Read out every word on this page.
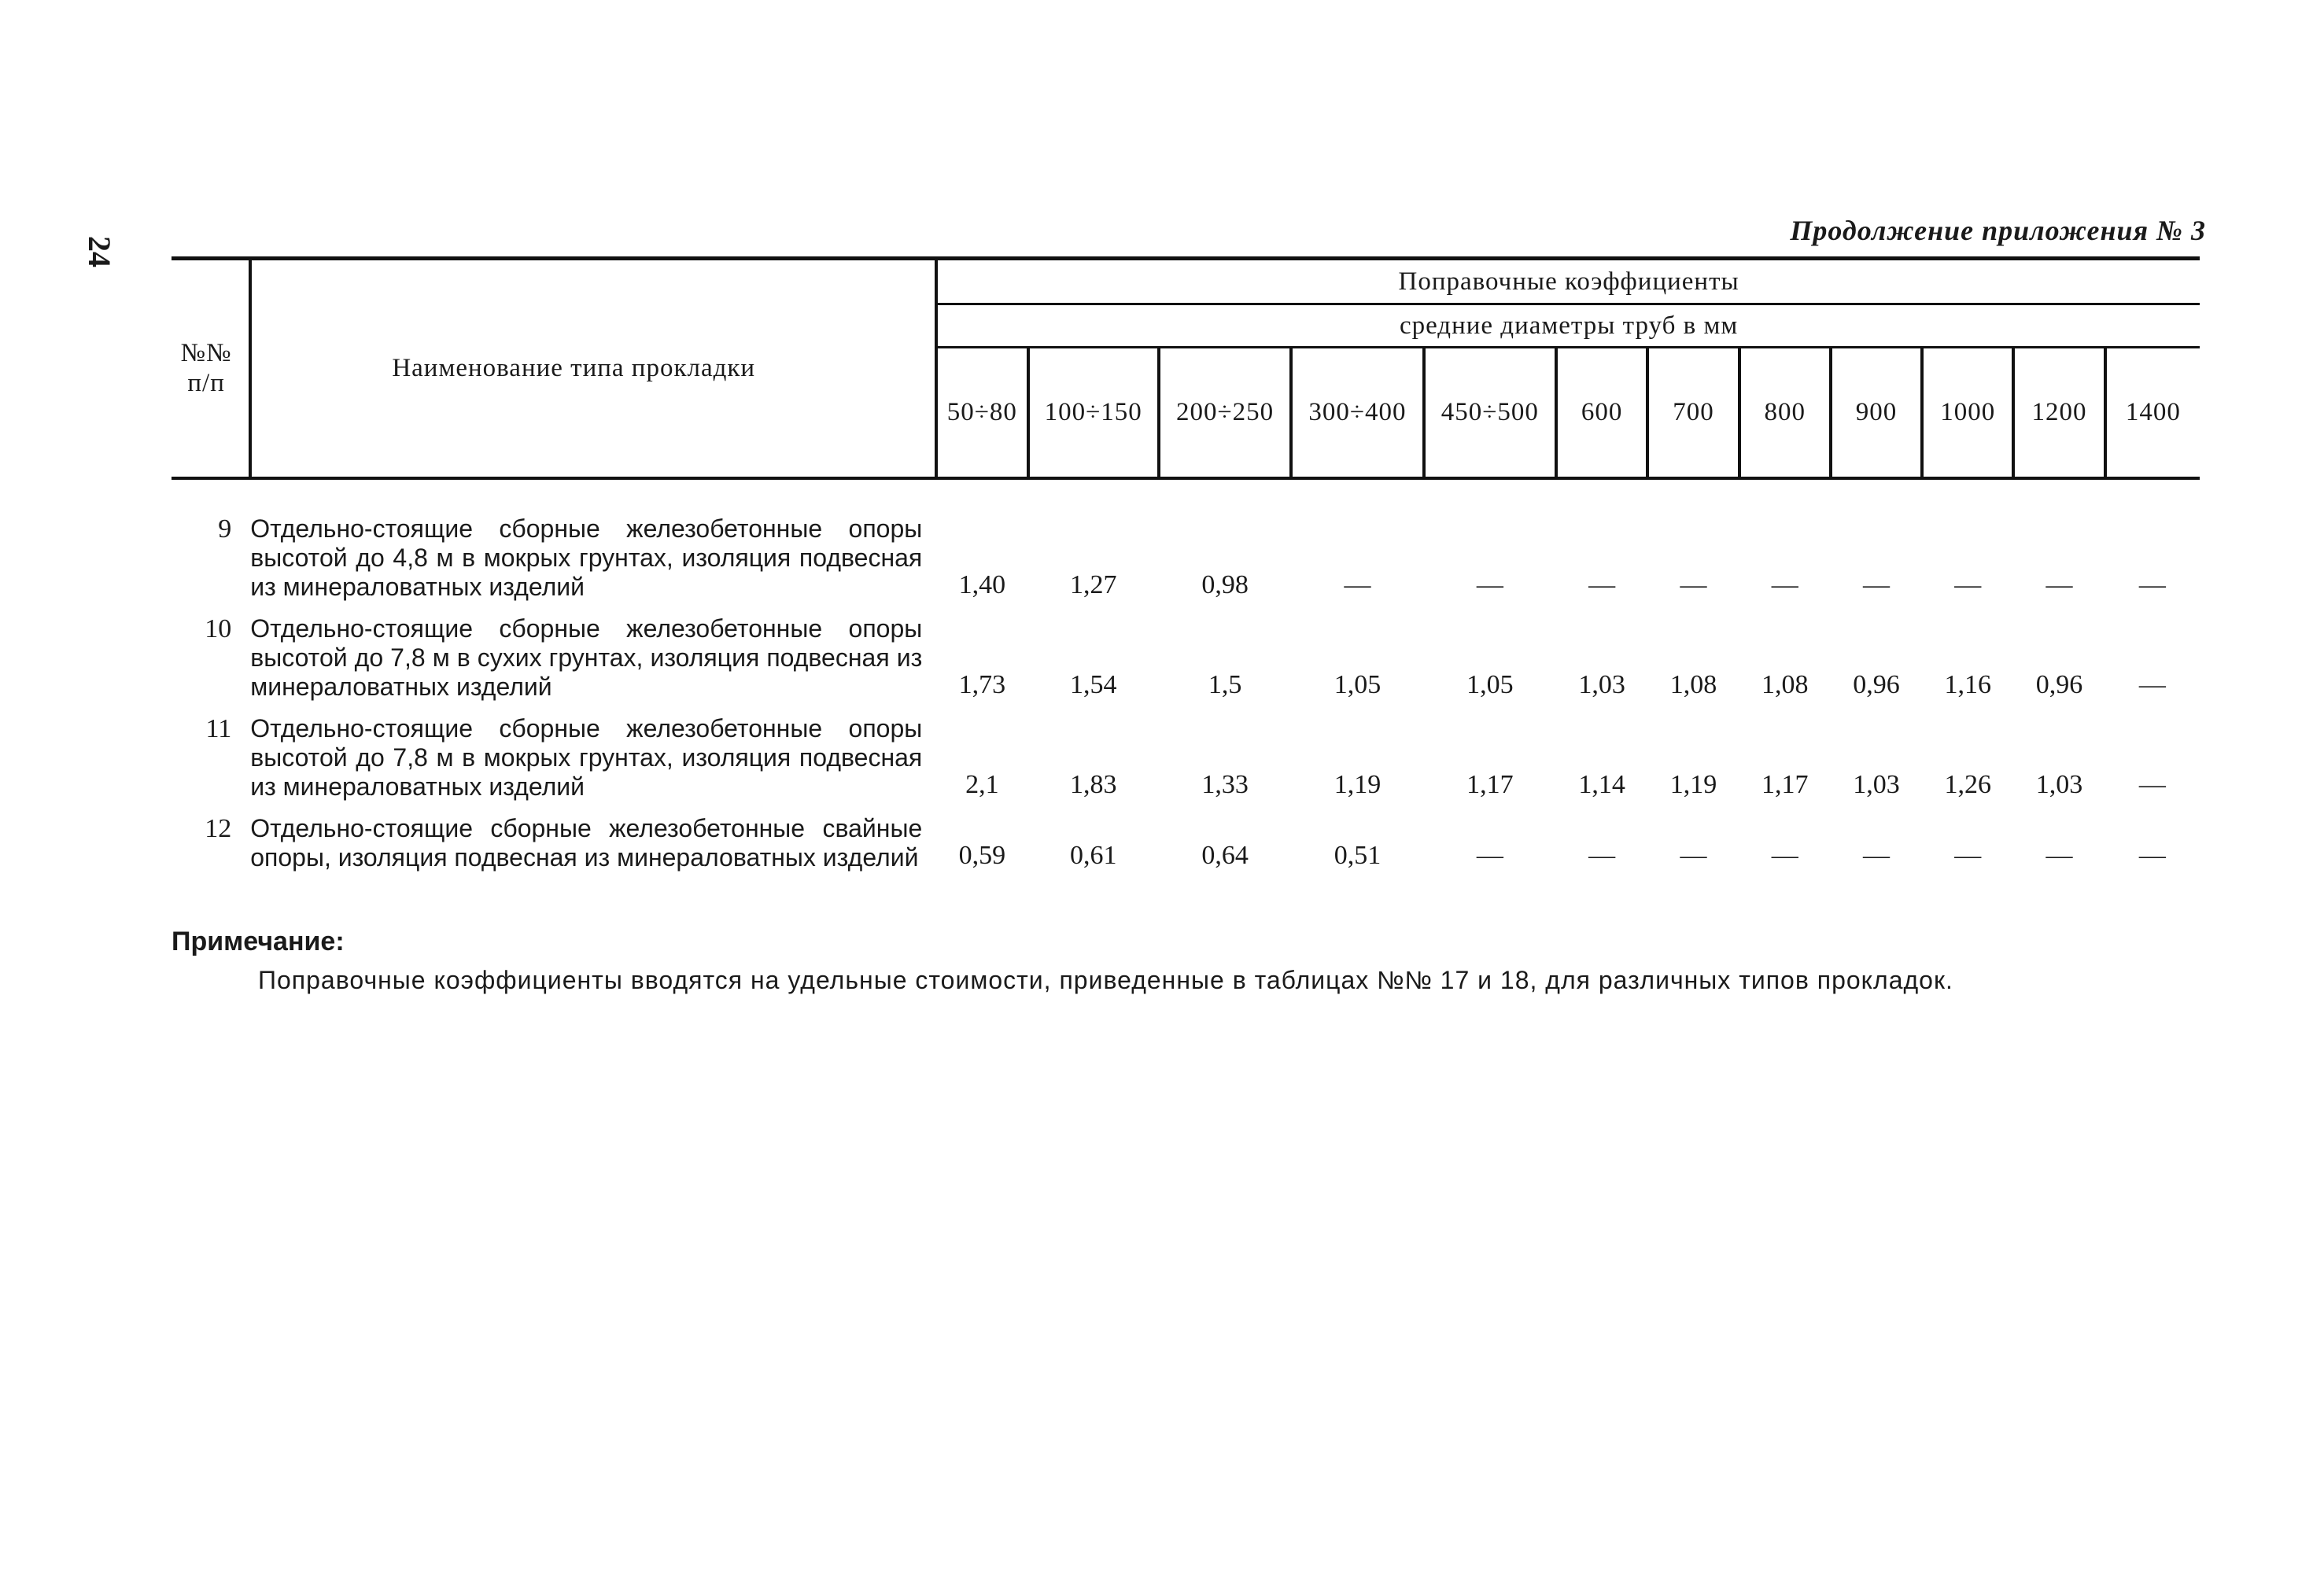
24
Продолжение приложения № 3
№№
п/п	Наименование типа прокладки	Поправочные коэффициенты											
		средние диаметры труб в мм											
		50÷80	100÷150	200÷250	300÷400	450÷500	600	700	800	900	1000	1200	1400

9	Отдельно-стоящие сборные железобетонные опоры высотой до 4,8 м в мокрых грунтах, изоляция подвесная из минераловатных изделий	1,40	1,27	0,98	—	—	—	—	—	—	—	—	—

10	Отдельно-стоящие сборные железобетонные опоры высотой до 7,8 м в сухих грунтах, изоляция подвесная из минераловатных изделий	1,73	1,54	1,5	1,05	1,05	1,03	1,08	1,08	0,96	1,16	0,96	—

11	Отдельно-стоящие сборные железобетонные опоры высотой до 7,8 м в мокрых грунтах, изоляция подвесная из минераловатных изделий	2,1	1,83	1,33	1,19	1,17	1,14	1,19	1,17	1,03	1,26	1,03	—

12	Отдельно-стоящие сборные железобетонные свайные опоры, изоляция подвесная из минераловатных изделий	0,59	0,61	0,64	0,51	—	—	—	—	—	—	—	—
Примечание:
Поправочные коэффициенты вводятся на удельные стоимости, приведенные в таблицах №№ 17 и 18, для различных типов прокладок.
